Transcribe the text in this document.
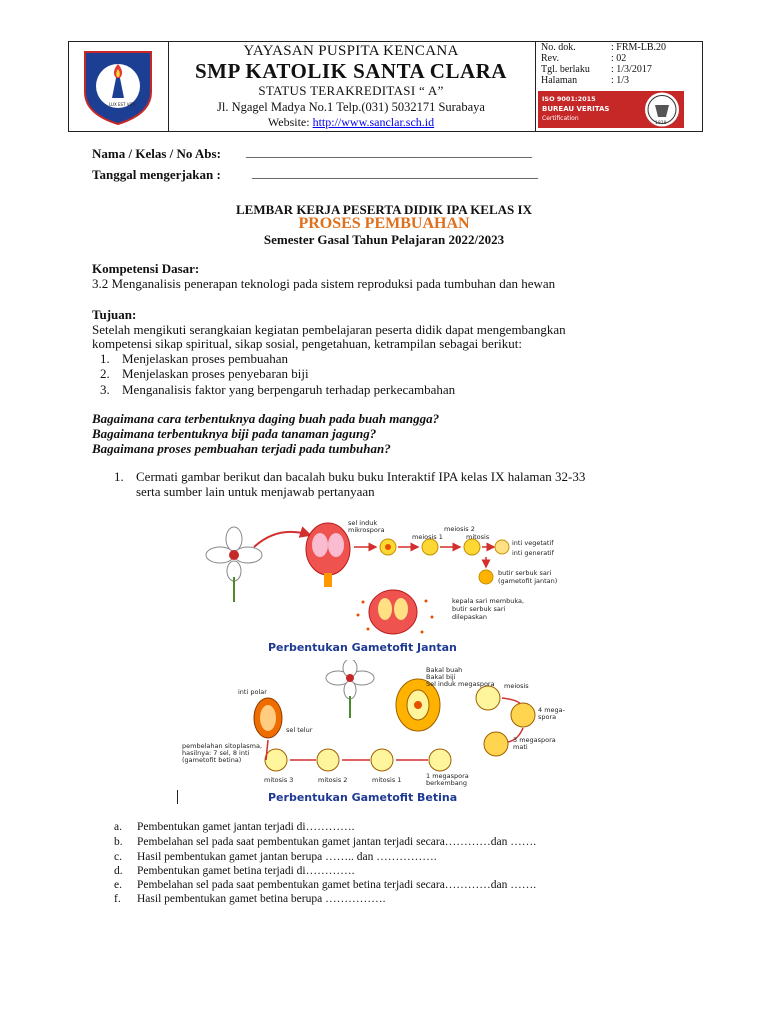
LUX EST VITA
YAYASAN PUSPITA KENCANA
SMP KATOLIK SANTA CLARA
STATUS TERAKREDITASI “ A”
Jl. Ngagel Madya No.1 Telp.(031) 5032171 Surabaya
Website: http://www.sanclar.sch.id
No. dok.	: FRM-LB.20
Rev.	: 02
Tgl. berlaku : 1/3/2017
Halaman	: 1/3
ISO 9001:2015
BUREAU VERITAS
Certification
1828
Nama / Kelas / No Abs: ____________________________________________
Tanggal mengerjakan : ____________________________________________
LEMBAR KERJA PESERTA DIDIK IPA KELAS IX
PROSES PEMBUAHAN
Semester Gasal Tahun Pelajaran 2022/2023
Kompetensi Dasar:
3.2 Menganalisis penerapan teknologi pada sistem reproduksi pada tumbuhan dan hewan
Tujuan:
Setelah mengikuti serangkaian kegiatan pembelajaran peserta didik dapat mengembangkan
kompetensi sikap spiritual, sikap sosial, pengetahuan, ketrampilan sebagai berikut:
1. Menjelaskan proses pembuahan
2. Menjelaskan proses penyebaran biji
3. Menganalisis faktor yang berpengaruh terhadap perkecambahan
Bagaimana cara terbentuknya daging buah pada buah mangga?
Bagaimana terbentuknya biji pada tanaman jagung?
Bagaimana proses pembuahan terjadi pada tumbuhan?
1. Cermati gambar berikut dan bacalah buku buku Interaktif IPA kelas IX halaman 32-33
serta sumber lain untuk menjawab pertanyaan
sel induk
mikrospora
meiosis 1
meiosis 2
mitosis
inti vegetatif
inti generatif
butir serbuk sari
(gametofit jantan)
kepala sari membuka,
butir serbuk sari
dilepaskan
Perbentukan Gametofit Jantan
Bakal buah
Bakal biji
Sel induk megaspora meiosis
4 mega-
spora
3 megaspora
mati
inti polar
sel telur
pembelahan sitoplasma,
hasilnya: 7 sel, 8 inti
(gametofit betina)
mitosis 3	mitosis 2	mitosis 1	1 megaspora
berkembang
Perbentukan Gametofit Betina
a. Pembentukan gamet jantan terjadi di………….
b. Pembelahan sel pada saat pembentukan gamet jantan terjadi secara…………dan …….
c. Hasil pembentukan gamet jantan berupa …….. dan …………….
d. Pembentukan gamet betina terjadi di………….
e. Pembelahan sel pada saat pembentukan gamet betina terjadi secara…………dan …….
f. Hasil pembentukan gamet betina berupa …………….
